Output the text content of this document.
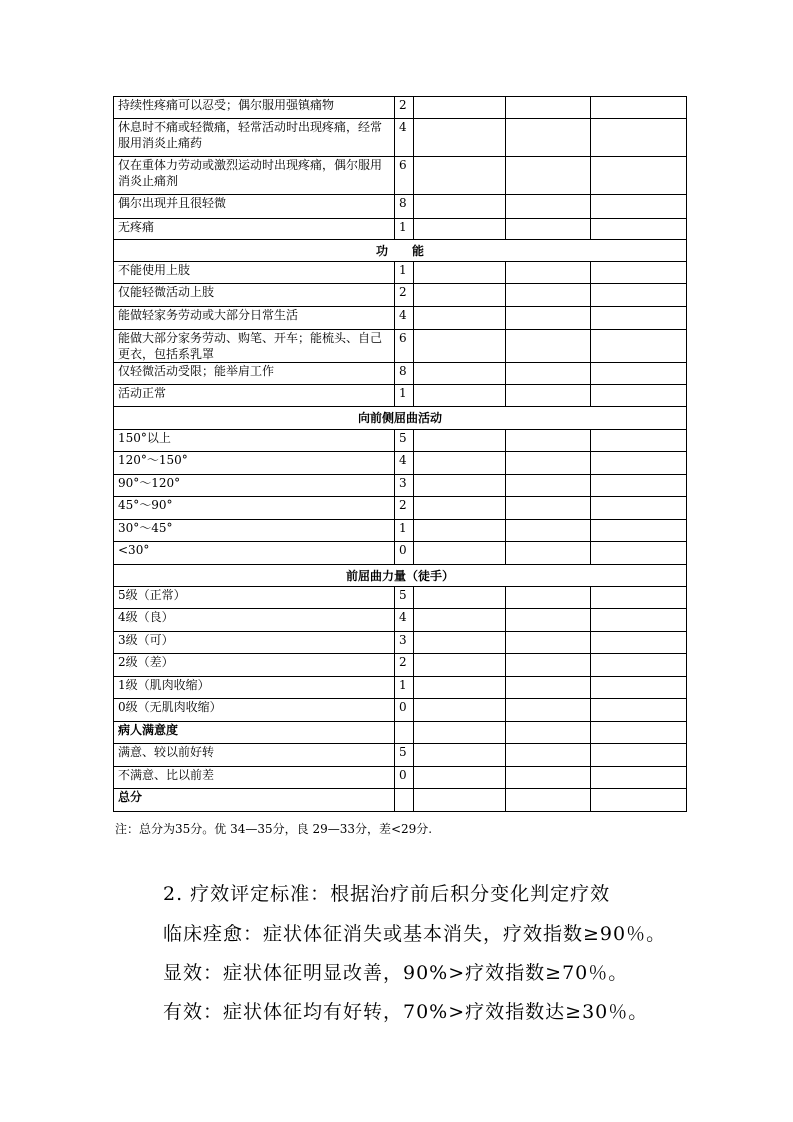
持续性疼痛可以忍受；偶尔服用强镇痛物	2			
休息时不痛或轻微痛，轻常活动时出现疼痛，经常服用消炎止痛药	4			
仅在重体力劳动或激烈运动时出现疼痛，偶尔服用消炎止痛剂	6			
偶尔出现并且很轻微	8			
无疼痛	1			
功　　能				
不能使用上肢	1			
仅能轻微活动上肢	2			
能做轻家务劳动或大部分日常生活	4			
能做大部分家务劳动、购笔、开车；能梳头、自己更衣，包括系乳罩	6			
仅轻微活动受限；能举肩工作	8			
活动正常	1			
向前侧屈曲活动				
150°以上	5			
120°～150°	4			
90°～120°	3			
45°～90°	2			
30°～45°	1			
<30°	0			
前屈曲力量（徒手）				
5级（正常）	5			
4级（良）	4			
3级（可）	3			
2级（差）	2			
1级（肌肉收缩）	1			
0级（无肌肉收缩）	0			
病人满意度				
满意、较以前好转	5			
不满意、比以前差	0			
总分				
注：总分为35分。优 34—35分，良 29—33分，差<29分.
2. 疗效评定标准：根据治疗前后积分变化判定疗效
临床痊愈：症状体征消失或基本消失，疗效指数≥90％。
显效：症状体征明显改善，90%>疗效指数≥70％。
有效：症状体征均有好转，70%>疗效指数达≥30％。
